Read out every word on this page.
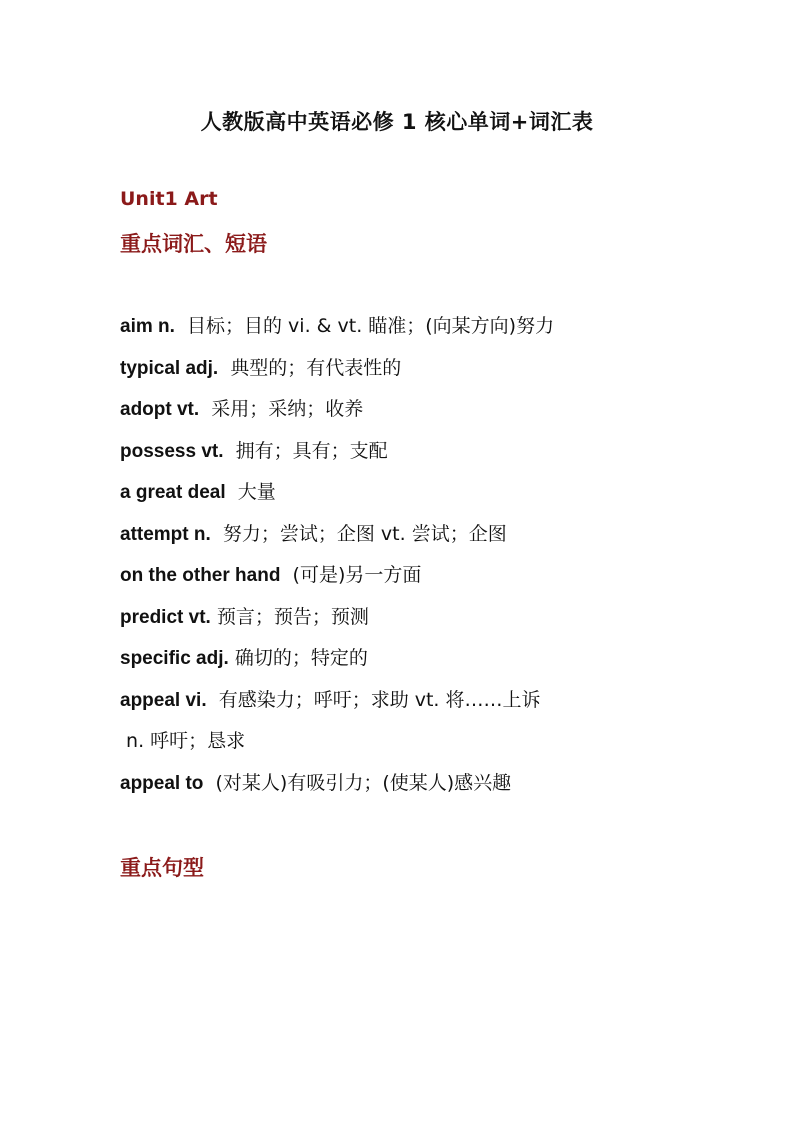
人教版高中英语必修 1 核心单词+词汇表
Unit1 Art
重点词汇、短语
aim n. 目标；目的 vi. & vt. 瞄准；(向某方向)努力
typical adj. 典型的；有代表性的
adopt vt. 采用；采纳；收养
possess vt. 拥有；具有；支配
a great deal 大量
attempt n. 努力；尝试；企图 vt. 尝试；企图
on the other hand (可是)另一方面
predict vt. 预言；预告；预测
specific adj. 确切的；特定的
appeal vi. 有感染力；呼吁；求助 vt. 将……上诉
n. 呼吁；恳求
appeal to (对某人)有吸引力；(使某人)感兴趣
重点句型
